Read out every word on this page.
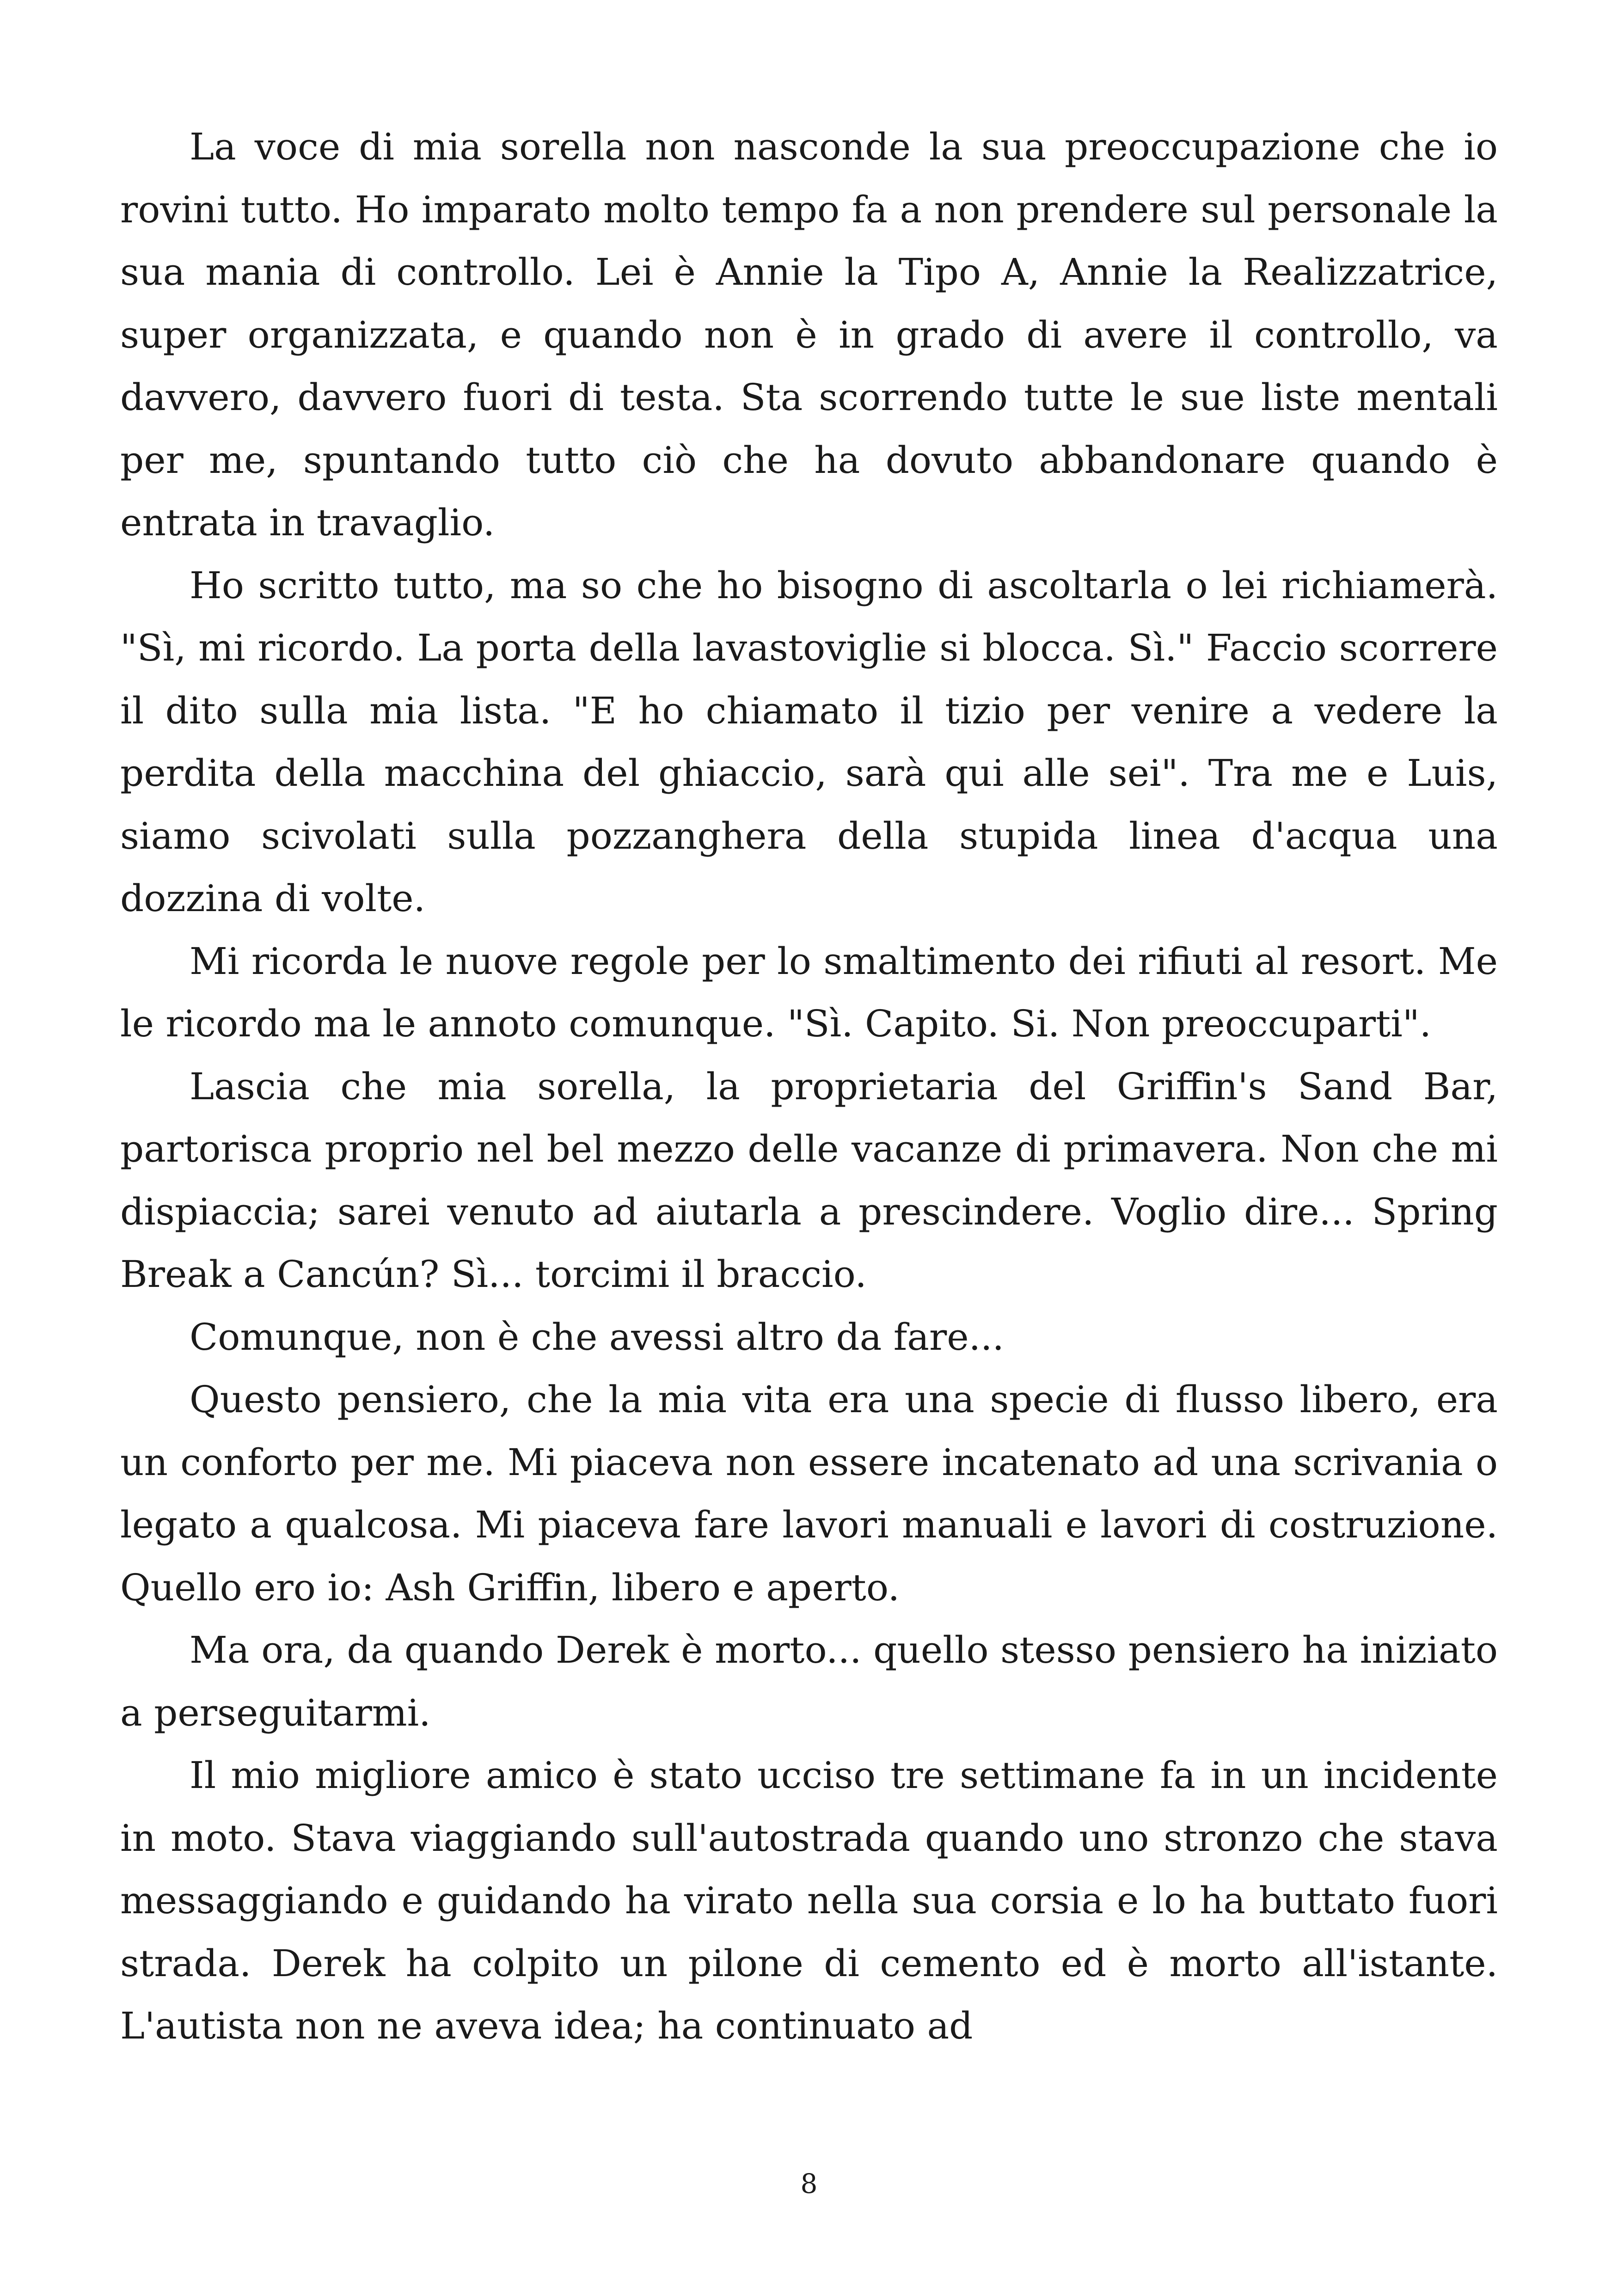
La voce di mia sorella non nasconde la sua preoccupazione che io rovini tutto. Ho imparato molto tempo fa a non prendere sul personale la sua mania di controllo. Lei è Annie la Tipo A, Annie la Realizzatrice, super organizzata, e quando non è in grado di avere il controllo, va davvero, davvero fuori di testa. Sta scorrendo tutte le sue liste mentali per me, spuntando tutto ciò che ha dovuto abbandonare quando è entrata in travaglio.

Ho scritto tutto, ma so che ho bisogno di ascoltarla o lei richiamerà. "Sì, mi ricordo. La porta della lavastoviglie si blocca. Sì." Faccio scorrere il dito sulla mia lista. "E ho chiamato il tizio per venire a vedere la perdita della macchina del ghiaccio, sarà qui alle sei". Tra me e Luis, siamo scivolati sulla pozzanghera della stupida linea d'acqua una dozzina di volte.

Mi ricorda le nuove regole per lo smaltimento dei rifiuti al resort. Me le ricordo ma le annoto comunque. "Sì. Capito. Si. Non preoccuparti".

Lascia che mia sorella, la proprietaria del Griffin's Sand Bar, partorisca proprio nel bel mezzo delle vacanze di primavera. Non che mi dispiaccia; sarei venuto ad aiutarla a prescindere. Voglio dire... Spring Break a Cancún? Sì... torcimi il braccio.

Comunque, non è che avessi altro da fare...

Questo pensiero, che la mia vita era una specie di flusso libero, era un conforto per me. Mi piaceva non essere incatenato ad una scrivania o legato a qualcosa. Mi piaceva fare lavori manuali e lavori di costruzione. Quello ero io: Ash Griffin, libero e aperto.

Ma ora, da quando Derek è morto... quello stesso pensiero ha iniziato a perseguitarmi.

Il mio migliore amico è stato ucciso tre settimane fa in un incidente in moto. Stava viaggiando sull'autostrada quando uno stronzo che stava messaggiando e guidando ha virato nella sua corsia e lo ha buttato fuori strada. Derek ha colpito un pilone di cemento ed è morto all'istante. L'autista non ne aveva idea; ha continuato ad

8
